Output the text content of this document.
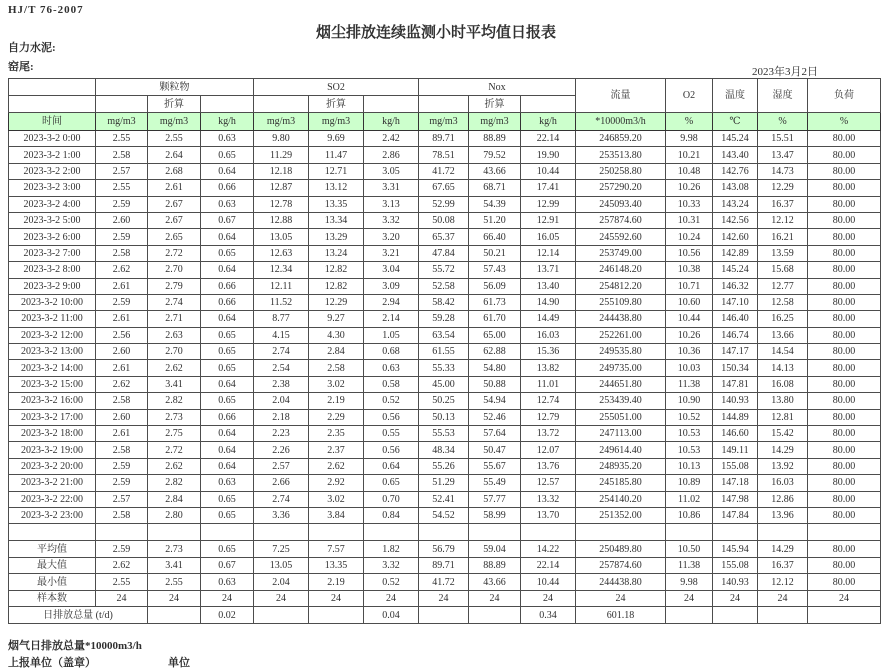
HJ/T 76-2007
烟尘排放连续监测小时平均值日报表
自力水泥:
窑尾:	2023年3月2日
	颗粒物			SO2			Nox			流量	O2	温度	湿度	负荷
		折算			折算			折算						
时间	mg/m3	mg/m3	kg/h	mg/m3	mg/m3	kg/h	mg/m3	mg/m3	kg/h	*10000m3/h	%	℃	%	%
2023-3-2 0:00	2.55	2.55	0.63	9.80	9.69	2.42	89.71	88.89	22.14	246859.20	9.98	145.24	15.51	80.00
2023-3-2 1:00	2.58	2.64	0.65	11.29	11.47	2.86	78.51	79.52	19.90	253513.80	10.21	143.40	13.47	80.00
2023-3-2 2:00	2.57	2.68	0.64	12.18	12.71	3.05	41.72	43.66	10.44	250258.80	10.48	142.76	14.73	80.00
2023-3-2 3:00	2.55	2.61	0.66	12.87	13.12	3.31	67.65	68.71	17.41	257290.20	10.26	143.08	12.29	80.00
2023-3-2 4:00	2.59	2.67	0.63	12.78	13.35	3.13	52.99	54.39	12.99	245093.40	10.33	143.24	16.37	80.00
2023-3-2 5:00	2.60	2.67	0.67	12.88	13.34	3.32	50.08	51.20	12.91	257874.60	10.31	142.56	12.12	80.00
2023-3-2 6:00	2.59	2.65	0.64	13.05	13.29	3.20	65.37	66.40	16.05	245592.60	10.24	142.60	16.21	80.00
2023-3-2 7:00	2.58	2.72	0.65	12.63	13.24	3.21	47.84	50.21	12.14	253749.00	10.56	142.89	13.59	80.00
2023-3-2 8:00	2.62	2.70	0.64	12.34	12.82	3.04	55.72	57.43	13.71	246148.20	10.38	145.24	15.68	80.00
2023-3-2 9:00	2.61	2.79	0.66	12.11	12.82	3.09	52.58	56.09	13.40	254812.20	10.71	146.32	12.77	80.00
2023-3-2 10:00	2.59	2.74	0.66	11.52	12.29	2.94	58.42	61.73	14.90	255109.80	10.60	147.10	12.58	80.00
2023-3-2 11:00	2.61	2.71	0.64	8.77	9.27	2.14	59.28	61.70	14.49	244438.80	10.44	146.40	16.25	80.00
2023-3-2 12:00	2.56	2.63	0.65	4.15	4.30	1.05	63.54	65.00	16.03	252261.00	10.26	146.74	13.66	80.00
2023-3-2 13:00	2.60	2.70	0.65	2.74	2.84	0.68	61.55	62.88	15.36	249535.80	10.36	147.17	14.54	80.00
2023-3-2 14:00	2.61	2.62	0.65	2.54	2.58	0.63	55.33	54.80	13.82	249735.00	10.03	150.34	14.13	80.00
2023-3-2 15:00	2.62	3.41	0.64	2.38	3.02	0.58	45.00	50.88	11.01	244651.80	11.38	147.81	16.08	80.00
2023-3-2 16:00	2.58	2.82	0.65	2.04	2.19	0.52	50.25	54.94	12.74	253439.40	10.90	140.93	13.80	80.00
2023-3-2 17:00	2.60	2.73	0.66	2.18	2.29	0.56	50.13	52.46	12.79	255051.00	10.52	144.89	12.81	80.00
2023-3-2 18:00	2.61	2.75	0.64	2.23	2.35	0.55	55.53	57.64	13.72	247113.00	10.53	146.60	15.42	80.00
2023-3-2 19:00	2.58	2.72	0.64	2.26	2.37	0.56	48.34	50.47	12.07	249614.40	10.53	149.11	14.29	80.00
2023-3-2 20:00	2.59	2.62	0.64	2.57	2.62	0.64	55.26	55.67	13.76	248935.20	10.13	155.08	13.92	80.00
2023-3-2 21:00	2.59	2.82	0.63	2.66	2.92	0.65	51.29	55.49	12.57	245185.80	10.89	147.18	16.03	80.00
2023-3-2 22:00	2.57	2.84	0.65	2.74	3.02	0.70	52.41	57.77	13.32	254140.20	11.02	147.98	12.86	80.00
2023-3-2 23:00	2.58	2.80	0.65	3.36	3.84	0.84	54.52	58.99	13.70	251352.00	10.86	147.84	13.96	80.00

平均值	2.59	2.73	0.65	7.25	7.57	1.82	56.79	59.04	14.22	250489.80	10.50	145.94	14.29	80.00
最大值	2.62	3.41	0.67	13.05	13.35	3.32	89.71	88.89	22.14	257874.60	11.38	155.08	16.37	80.00
最小值	2.55	2.55	0.63	2.04	2.19	0.52	41.72	43.66	10.44	244438.80	9.98	140.93	12.12	80.00
样本数	24	24	24	24	24	24	24	24	24	24	24	24	24	24
日排放总量 (t/d)			0.02			0.04			0.34	601.18				
烟气日排放总量*10000m3/h
上报单位（盖章）	单位
